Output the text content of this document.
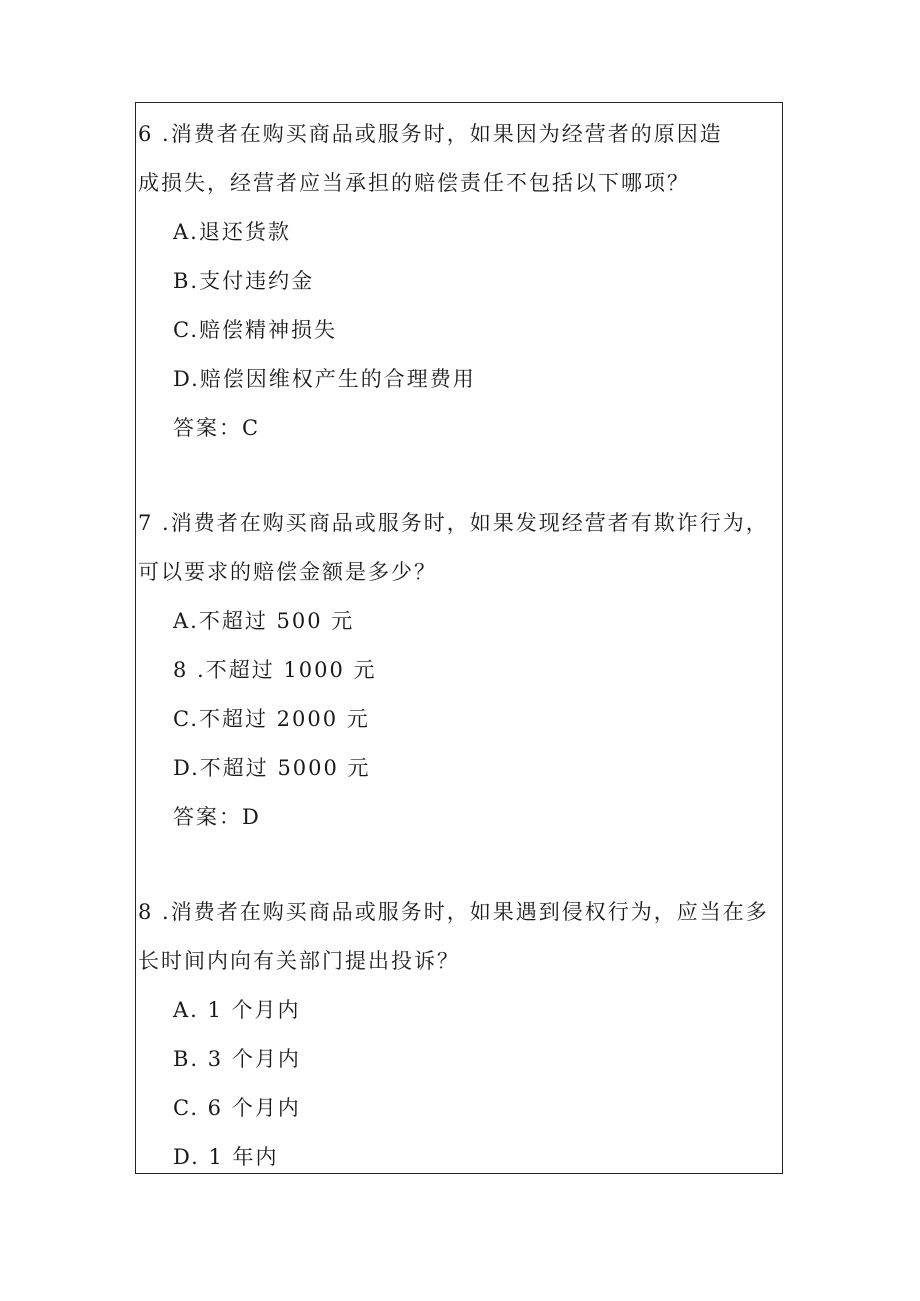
6 .消费者在购买商品或服务时，如果因为经营者的原因造
成损失，经营者应当承担的赔偿责任不包括以下哪项？
A.退还货款
B.支付违约金
C.赔偿精神损失
D.赔偿因维权产生的合理费用
答案：C
7 .消费者在购买商品或服务时，如果发现经营者有欺诈行为，
可以要求的赔偿金额是多少？
A.不超过 500 元
8 .不超过 1000 元
C.不超过 2000 元
D.不超过 5000 元
答案：D
8 .消费者在购买商品或服务时，如果遇到侵权行为，应当在多
长时间内向有关部门提出投诉？
A. 1 个月内
B. 3 个月内
C. 6 个月内
D. 1 年内
